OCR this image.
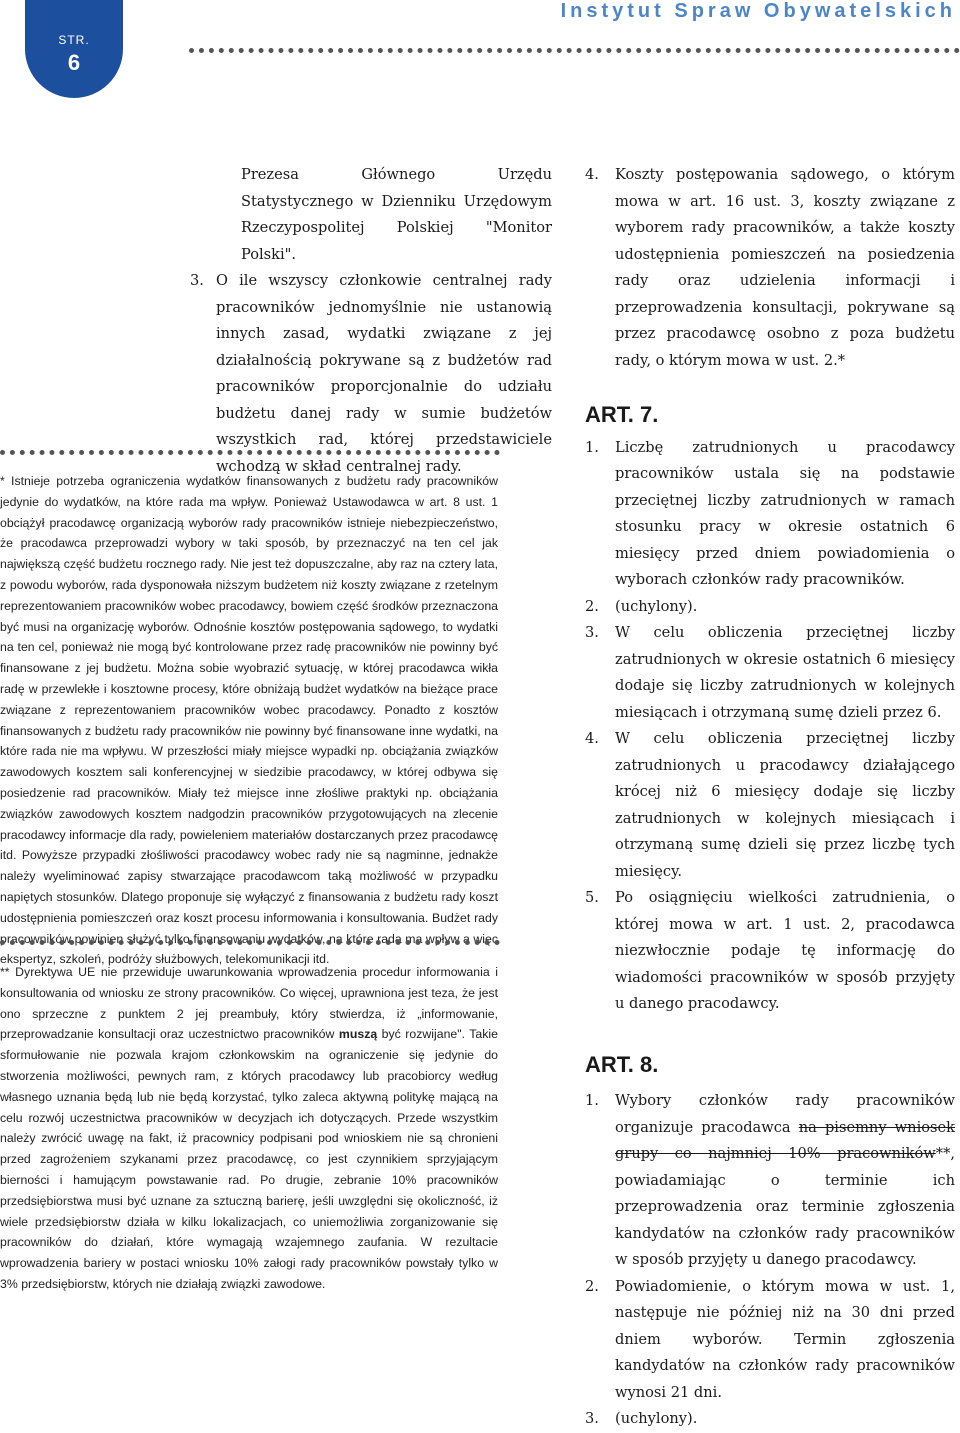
STR.
6
Instytut Spraw Obywatelskich

Prezesa Głównego Urzędu Statystycznego w Dzienniku Urzędowym Rzeczypospolitej Polskiej "Monitor Polski".

3. O ile wszyscy członkowie centralnej rady pracowników jednomyślnie nie ustanowią innych zasad, wydatki związane z jej działalnością pokrywane są z budżetów rad pracowników proporcjonalnie do udziału budżetu danej rady w sumie budżetów wszystkich rad, której przedstawiciele wchodzą w skład centralnej rady.
* Istnieje potrzeba ograniczenia wydatków finansowanych z budżetu rady pracowników jedynie do wydatków, na które rada ma wpływ. Ponieważ Ustawodawca w art. 8 ust. 1 obciążył pracodawcę organizacją wyborów rady pracowników istnieje niebezpieczeństwo, że pracodawca przeprowadzi wybory w taki sposób, by przeznaczyć na ten cel jak największą część budżetu rocznego rady. Nie jest też dopuszczalne, aby raz na cztery lata, z powodu wyborów, rada dysponowała niższym budżetem niż koszty związane z rzetelnym reprezentowaniem pracowników wobec pracodawcy, bowiem część środków przeznaczona być musi na organizację wyborów. Odnośnie kosztów postępowania sądowego, to wydatki na ten cel, ponieważ nie mogą być kontrolowane przez radę pracowników nie powinny być finansowane z jej budżetu. Można sobie wyobrazić sytuację, w której pracodawca wikła radę w przewlekłe i kosztowne procesy, które obniżają budżet wydatków na bieżące prace związane z reprezentowaniem pracowników wobec pracodawcy. Ponadto z kosztów finansowanych z budżetu rady pracowników nie powinny być finansowane inne wydatki, na które rada nie ma wpływu. W przeszłości miały miejsce wypadki np. obciążania związków zawodowych kosztem sali konferencyjnej w siedzibie pracodawcy, w której odbywa się posiedzenie rad pracowników. Miały też miejsce inne złośliwe praktyki np. obciążania związków zawodowych kosztem nadgodzin pracowników przygotowujących na zlecenie pracodawcy informacje dla rady, powieleniem materiałów dostarczanych przez pracodawcę itd. Powyższe przypadki złośliwości pracodawcy wobec rady nie są nagminne, jednakże należy wyeliminować zapisy stwarzające pracodawcom taką możliwość w przypadku napiętych stosunków. Dlatego proponuje się wyłączyć z finansowania z budżetu rady koszt udostępnienia pomieszczeń oraz koszt procesu informowania i konsultowania. Budżet rady pracowników powinien służyć tylko finansowaniu wydatków, na które rada ma wpływ a więc ekspertyz, szkoleń, podróży służbowych, telekomunikacji itd.
** Dyrektywa UE nie przewiduje uwarunkowania wprowadzenia procedur informowania i konsultowania od wniosku ze strony pracowników. Co więcej, uprawniona jest teza, że jest ono sprzeczne z punktem 2 jej preambuły, który stwierdza, iż „informowanie, przeprowadzanie konsultacji oraz uczestnictwo pracowników muszą być rozwijane". Takie sformułowanie nie pozwala krajom członkowskim na ograniczenie się jedynie do stworzenia możliwości, pewnych ram, z których pracodawcy lub pracobiorcy według własnego uznania będą lub nie będą korzystać, tylko zaleca aktywną politykę mającą na celu rozwój uczestnictwa pracowników w decyzjach ich dotyczących. Przede wszystkim należy zwrócić uwagę na fakt, iż pracownicy podpisani pod wnioskiem nie są chronieni przed zagrożeniem szykanami przez pracodawcę, co jest czynnikiem sprzyjającym bierności i hamującym powstawanie rad. Po drugie, zebranie 10% pracowników przedsiębiorstwa musi być uznane za sztuczną barierę, jeśli uwzględni się okoliczność, iż wiele przedsiębiorstw działa w kilku lokalizacjach, co uniemożliwia zorganizowanie się pracowników do działań, które wymagają wzajemnego zaufania. W rezultacie wprowadzenia bariery w postaci wniosku 10% załogi rady pracowników powstały tylko w 3% przedsiębiorstw, których nie działają związki zawodowe.
4.	Koszty postępowania sądowego, o którym mowa w art. 16 ust. 3, koszty związane z wyborem rady pracowników, a także koszty udostępnienia pomieszczeń na posiedzenia rady oraz udzielenia informacji i przeprowadzenia konsultacji, pokrywane są przez pracodawcę osobno z poza budżetu rady, o którym mowa w ust. 2.*
ART. 7.
1.	Liczbę zatrudnionych u pracodawcy pracowników ustala się na podstawie przeciętnej liczby zatrudnionych w ramach stosunku pracy w okresie ostatnich 6 miesięcy przed dniem powiadomienia o wyborach członków rady pracowników.
2.	(uchylony).
3.	W celu obliczenia przeciętnej liczby zatrudnionych w okresie ostatnich 6 miesięcy dodaje się liczby zatrudnionych w kolejnych miesiącach i otrzymaną sumę dzieli przez 6.
4.	W celu obliczenia przeciętnej liczby zatrudnionych u pracodawcy działającego krócej niż 6 miesięcy dodaje się liczby zatrudnionych w kolejnych miesiącach i otrzymaną sumę dzieli się przez liczbę tych miesięcy.
5.	Po osiągnięciu wielkości zatrudnienia, o której mowa w art. 1 ust. 2, pracodawca niezwłocznie podaje tę informację do wiadomości pracowników w sposób przyjęty u danego pracodawcy.
ART. 8.
1.	Wybory członków rady pracowników organizuje pracodawca na pisemny wniosek grupy co najmniej 10% pracowników**, powiadamiając o terminie ich przeprowadzenia oraz terminie zgłoszenia kandydatów na członków rady pracowników w sposób przyjęty u danego pracodawcy.
2.	Powiadomienie, o którym mowa w ust. 1, następuje nie później niż na 30 dni przed dniem wyborów. Termin zgłoszenia kandydatów na członków rady pracowników wynosi 21 dni.
3.	(uchylony).
